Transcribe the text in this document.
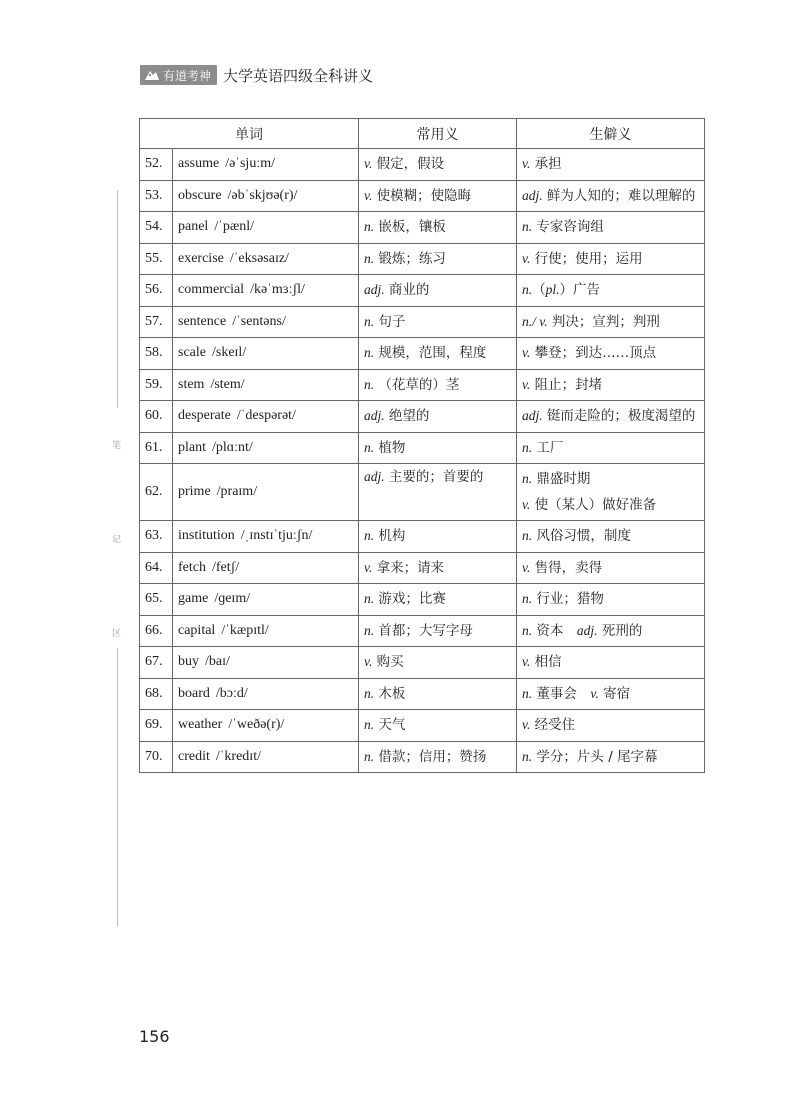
有道考神 大学英语四级全科讲义
笔
记
区
单词		常用义	生僻义
52.	assume /əˈsjuːm/	v. 假定，假设	v. 承担

53.	obscure /əbˈskjʊə(r)/	v. 使模糊；使隐晦	adj. 鲜为人知的；难以理解的

54.	panel /ˈpænl/	n. 嵌板，镶板	n. 专家咨询组

55.	exercise /ˈeksəsaɪz/	n. 锻炼；练习	v. 行使；使用；运用

56.	commercial /kəˈmɜːʃl/	adj. 商业的	n.（pl.）广告

57.	sentence /ˈsentəns/	n. 句子	n./ v. 判决；宣判；判刑

58.	scale /skeɪl/	n. 规模，范围，程度	v. 攀登；到达……顶点

59.	stem /stem/	n. （花草的）茎	v. 阻止；封堵

60.	desperate /ˈdespərət/	adj. 绝望的	adj. 铤而走险的；极度渴望的

61.	plant /plɑːnt/	n. 植物	n. 工厂

62.	prime /praɪm/	adj. 主要的；首要的	n. 鼎盛时期
v. 使（某人）做好准备

63.	institution /ˌɪnstɪˈtjuːʃn/	n. 机构	n. 风俗习惯，制度

64.	fetch /fetʃ/	v. 拿来；请来	v. 售得，卖得

65.	game /ɡeɪm/	n. 游戏；比赛	n. 行业；猎物

66.	capital /ˈkæpɪtl/	n. 首都；大写字母	n. 资本　adj. 死刑的

67.	buy /baɪ/	v. 购买	v. 相信

68.	board /bɔːd/	n. 木板	n. 董事会　v. 寄宿

69.	weather /ˈweðə(r)/	n. 天气	v. 经受住

70.	credit /ˈkredɪt/	n. 借款；信用；赞扬	n. 学分；片头 / 尾字幕
156
